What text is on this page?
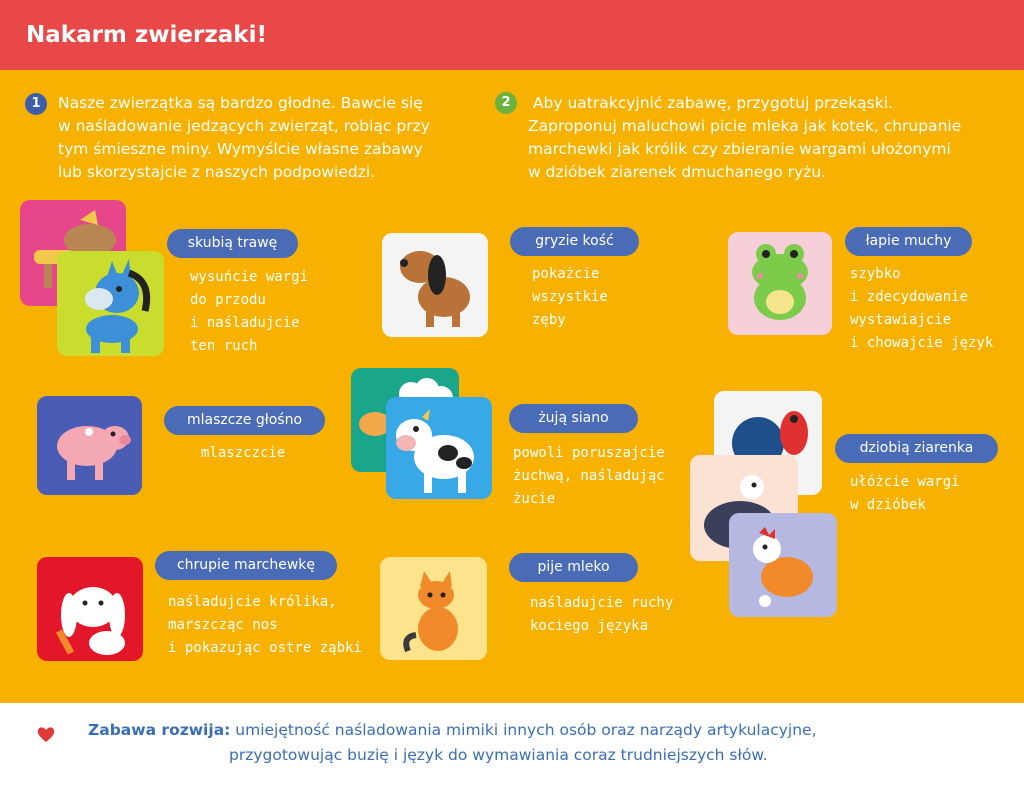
Nakarm zwierzaki!
1	Nasze zwierzątka są bardzo głodne. Bawcie się
w naśladowanie jedzących zwierząt, robiąc przy
tym śmieszne miny. Wymyślcie własne zabawy
lub skorzystajcie z naszych podpowiedzi.
2	Aby uatrakcyjnić zabawę, przygotuj przekąski.
Zaproponuj maluchowi picie mleka jak kotek, chrupanie
marchewki jak królik czy zbieranie wargami ułożonymi
w dzióbek ziarenek dmuchanego ryżu.
skubią trawę
wysuńcie wargi
do przodu
i naśladujcie
ten ruch
gryzie kość
pokażcie
wszystkie
zęby
łapie muchy
szybko
i zdecydowanie
wystawiajcie
i chowajcie język
mlaszcze głośno
mlaszczcie
żują siano
powoli poruszajcie
żuchwą, naśladując
żucie
dziobią ziarenka
ułóżcie wargi
w dzióbek
chrupie marchewkę
naśladujcie królika,
marszcząc nos
i pokazując ostre ząbki
pije mleko
naśladujcie ruchy
kociego języka
Zabawa rozwija: umiejętność naśladowania mimiki innych osób oraz narządy artykulacyjne,
przygotowując buzię i język do wymawiania coraz trudniejszych słów.
